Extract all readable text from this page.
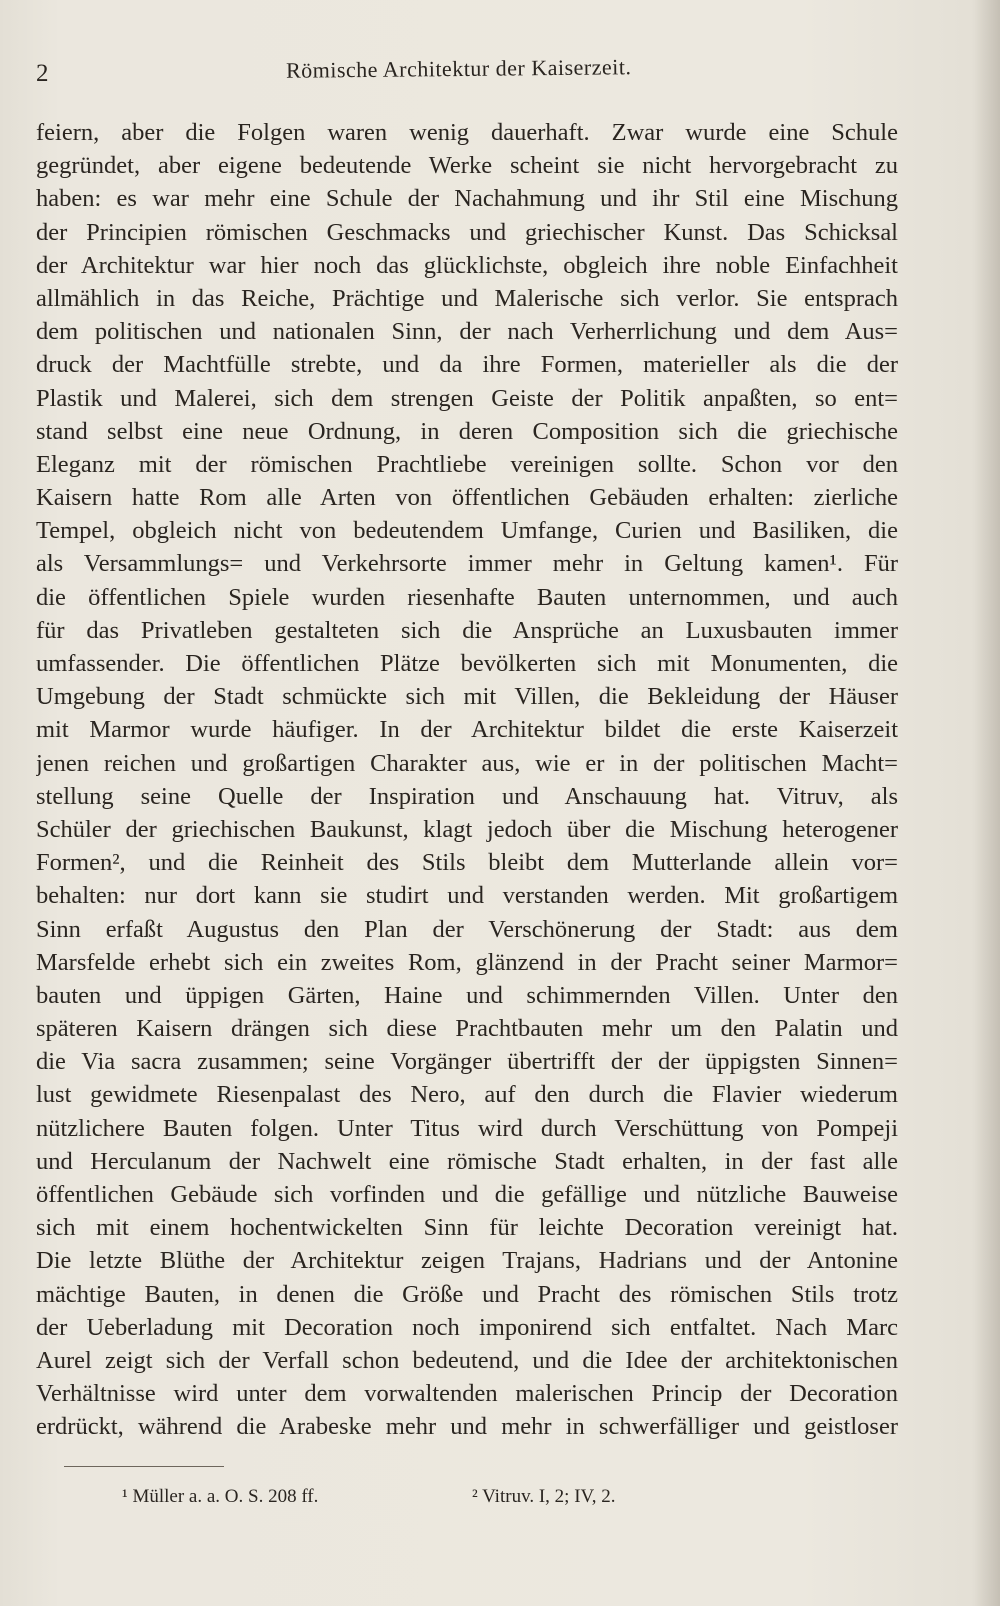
2	Römische Architektur der Kaiserzeit.
feiern, aber die Folgen waren wenig dauerhaft. Zwar wurde eine Schule
gegründet, aber eigene bedeutende Werke scheint sie nicht hervorgebracht zu
haben: es war mehr eine Schule der Nachahmung und ihr Stil eine Mischung
der Principien römischen Geschmacks und griechischer Kunst. Das Schicksal
der Architektur war hier noch das glücklichste, obgleich ihre noble Einfachheit
allmählich in das Reiche, Prächtige und Malerische sich verlor. Sie entsprach
dem politischen und nationalen Sinn, der nach Verherrlichung und dem Aus=
druck der Machtfülle strebte, und da ihre Formen, materieller als die der
Plastik und Malerei, sich dem strengen Geiste der Politik anpaßten, so ent=
stand selbst eine neue Ordnung, in deren Composition sich die griechische
Eleganz mit der römischen Prachtliebe vereinigen sollte. Schon vor den
Kaisern hatte Rom alle Arten von öffentlichen Gebäuden erhalten: zierliche
Tempel, obgleich nicht von bedeutendem Umfange, Curien und Basiliken, die
als Versammlungs= und Verkehrsorte immer mehr in Geltung kamen¹. Für
die öffentlichen Spiele wurden riesenhafte Bauten unternommen, und auch
für das Privatleben gestalteten sich die Ansprüche an Luxusbauten immer
umfassender. Die öffentlichen Plätze bevölkerten sich mit Monumenten, die
Umgebung der Stadt schmückte sich mit Villen, die Bekleidung der Häuser
mit Marmor wurde häufiger. In der Architektur bildet die erste Kaiserzeit
jenen reichen und großartigen Charakter aus, wie er in der politischen Macht=
stellung seine Quelle der Inspiration und Anschauung hat. Vitruv, als
Schüler der griechischen Baukunst, klagt jedoch über die Mischung heterogener
Formen², und die Reinheit des Stils bleibt dem Mutterlande allein vor=
behalten: nur dort kann sie studirt und verstanden werden. Mit großartigem
Sinn erfaßt Augustus den Plan der Verschönerung der Stadt: aus dem
Marsfelde erhebt sich ein zweites Rom, glänzend in der Pracht seiner Marmor=
bauten und üppigen Gärten, Haine und schimmernden Villen. Unter den
späteren Kaisern drängen sich diese Prachtbauten mehr um den Palatin und
die Via sacra zusammen; seine Vorgänger übertrifft der der üppigsten Sinnen=
lust gewidmete Riesenpalast des Nero, auf den durch die Flavier wiederum
nützlichere Bauten folgen. Unter Titus wird durch Verschüttung von Pompeji
und Herculanum der Nachwelt eine römische Stadt erhalten, in der fast alle
öffentlichen Gebäude sich vorfinden und die gefällige und nützliche Bauweise
sich mit einem hochentwickelten Sinn für leichte Decoration vereinigt hat.
Die letzte Blüthe der Architektur zeigen Trajans, Hadrians und der Antonine
mächtige Bauten, in denen die Größe und Pracht des römischen Stils trotz
der Ueberladung mit Decoration noch imponirend sich entfaltet. Nach Marc
Aurel zeigt sich der Verfall schon bedeutend, und die Idee der architektonischen
Verhältnisse wird unter dem vorwaltenden malerischen Princip der Decoration
erdrückt, während die Arabeske mehr und mehr in schwerfälliger und geistloser
¹ Müller a. a. O. S. 208 ff.	² Vitruv. I, 2; IV, 2.
